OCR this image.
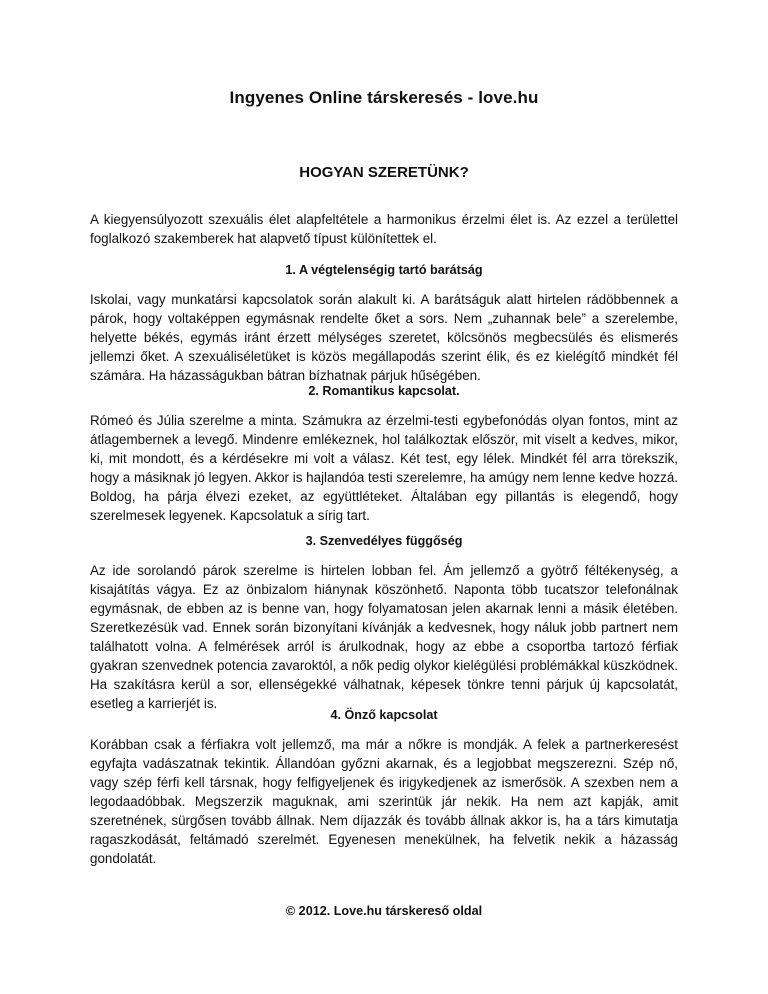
Ingyenes Online társkeresés - love.hu
HOGYAN SZERETÜNK?

A kiegyensúlyozott szexuális élet alapfeltétele a harmonikus érzelmi élet is. Az ezzel a területtel foglalkozó szakemberek hat alapvető típust különítettek el.

1. A végtelenségig tartó barátság

Iskolai, vagy munkatársi kapcsolatok során alakult ki. A barátságuk alatt hirtelen rádöbbennek a párok, hogy voltaképpen egymásnak rendelte őket a sors. Nem „zuhannak bele” a szerelembe, helyette békés, egymás iránt érzett mélységes szeretet, kölcsönös megbecsülés és elismerés jellemzi őket. A szexuáliséletüket is közös megállapodás szerint élik, és ez kielégítő mindkét fél számára. Ha házasságukban bátran bízhatnak párjuk hűségében.

2. Romantikus kapcsolat.

Rómeó és Júlia szerelme a minta. Számukra az érzelmi-testi egybefonódás olyan fontos, mint az átlagembernek a levegő. Mindenre emlékeznek, hol találkoztak először, mit viselt a kedves, mikor, ki, mit mondott, és a kérdésekre mi volt a válasz. Két test, egy lélek. Mindkét fél arra törekszik, hogy a másiknak jó legyen. Akkor is hajlandóa testi szerelemre, ha amúgy nem lenne kedve hozzá. Boldog, ha párja élvezi ezeket, az együttléteket. Általában egy pillantás is elegendő, hogy szerelmesek legyenek. Kapcsolatuk a sírig tart.

3. Szenvedélyes függőség

Az ide sorolandó párok szerelme is hirtelen lobban fel. Ám jellemző a gyötrő féltékenység, a kisajátítás vágya. Ez az önbizalom hiánynak köszönhető. Naponta több tucatszor telefonálnak egymásnak, de ebben az is benne van, hogy folyamatosan jelen akarnak lenni a másik életében. Szeretkezésük vad. Ennek során bizonyítani kívánják a kedvesnek, hogy náluk jobb partnert nem találhatott volna. A felmérések arról is árulkodnak, hogy az ebbe a csoportba tartozó férfiak gyakran szenvednek potencia zavaroktól, a nők pedig olykor kielégülési problémákkal küszködnek. Ha szakításra kerül a sor, ellenségekké válhatnak, képesek tönkre tenni párjuk új kapcsolatát, esetleg a karrierjét is.

4. Önző kapcsolat

Korábban csak a férfiakra volt jellemző, ma már a nőkre is mondják. A felek a partnerkeresést egyfajta vadászatnak tekintik. Állandóan győzni akarnak, és a legjobbat megszerezni. Szép nő, vagy szép férfi kell társnak, hogy felfigyeljenek és irigykedjenek az ismerősök. A szexben nem a legodaadóbbak. Megszerzik maguknak, ami szerintük jár nekik. Ha nem azt kapják, amit szeretnének, sürgősen tovább állnak. Nem díjazzák és tovább állnak akkor is, ha a társ kimutatja ragaszkodását, feltámadó szerelmét. Egyenesen menekülnek, ha felvetik nekik a házasság gondolatát.

© 2012. Love.hu társkereső oldal
